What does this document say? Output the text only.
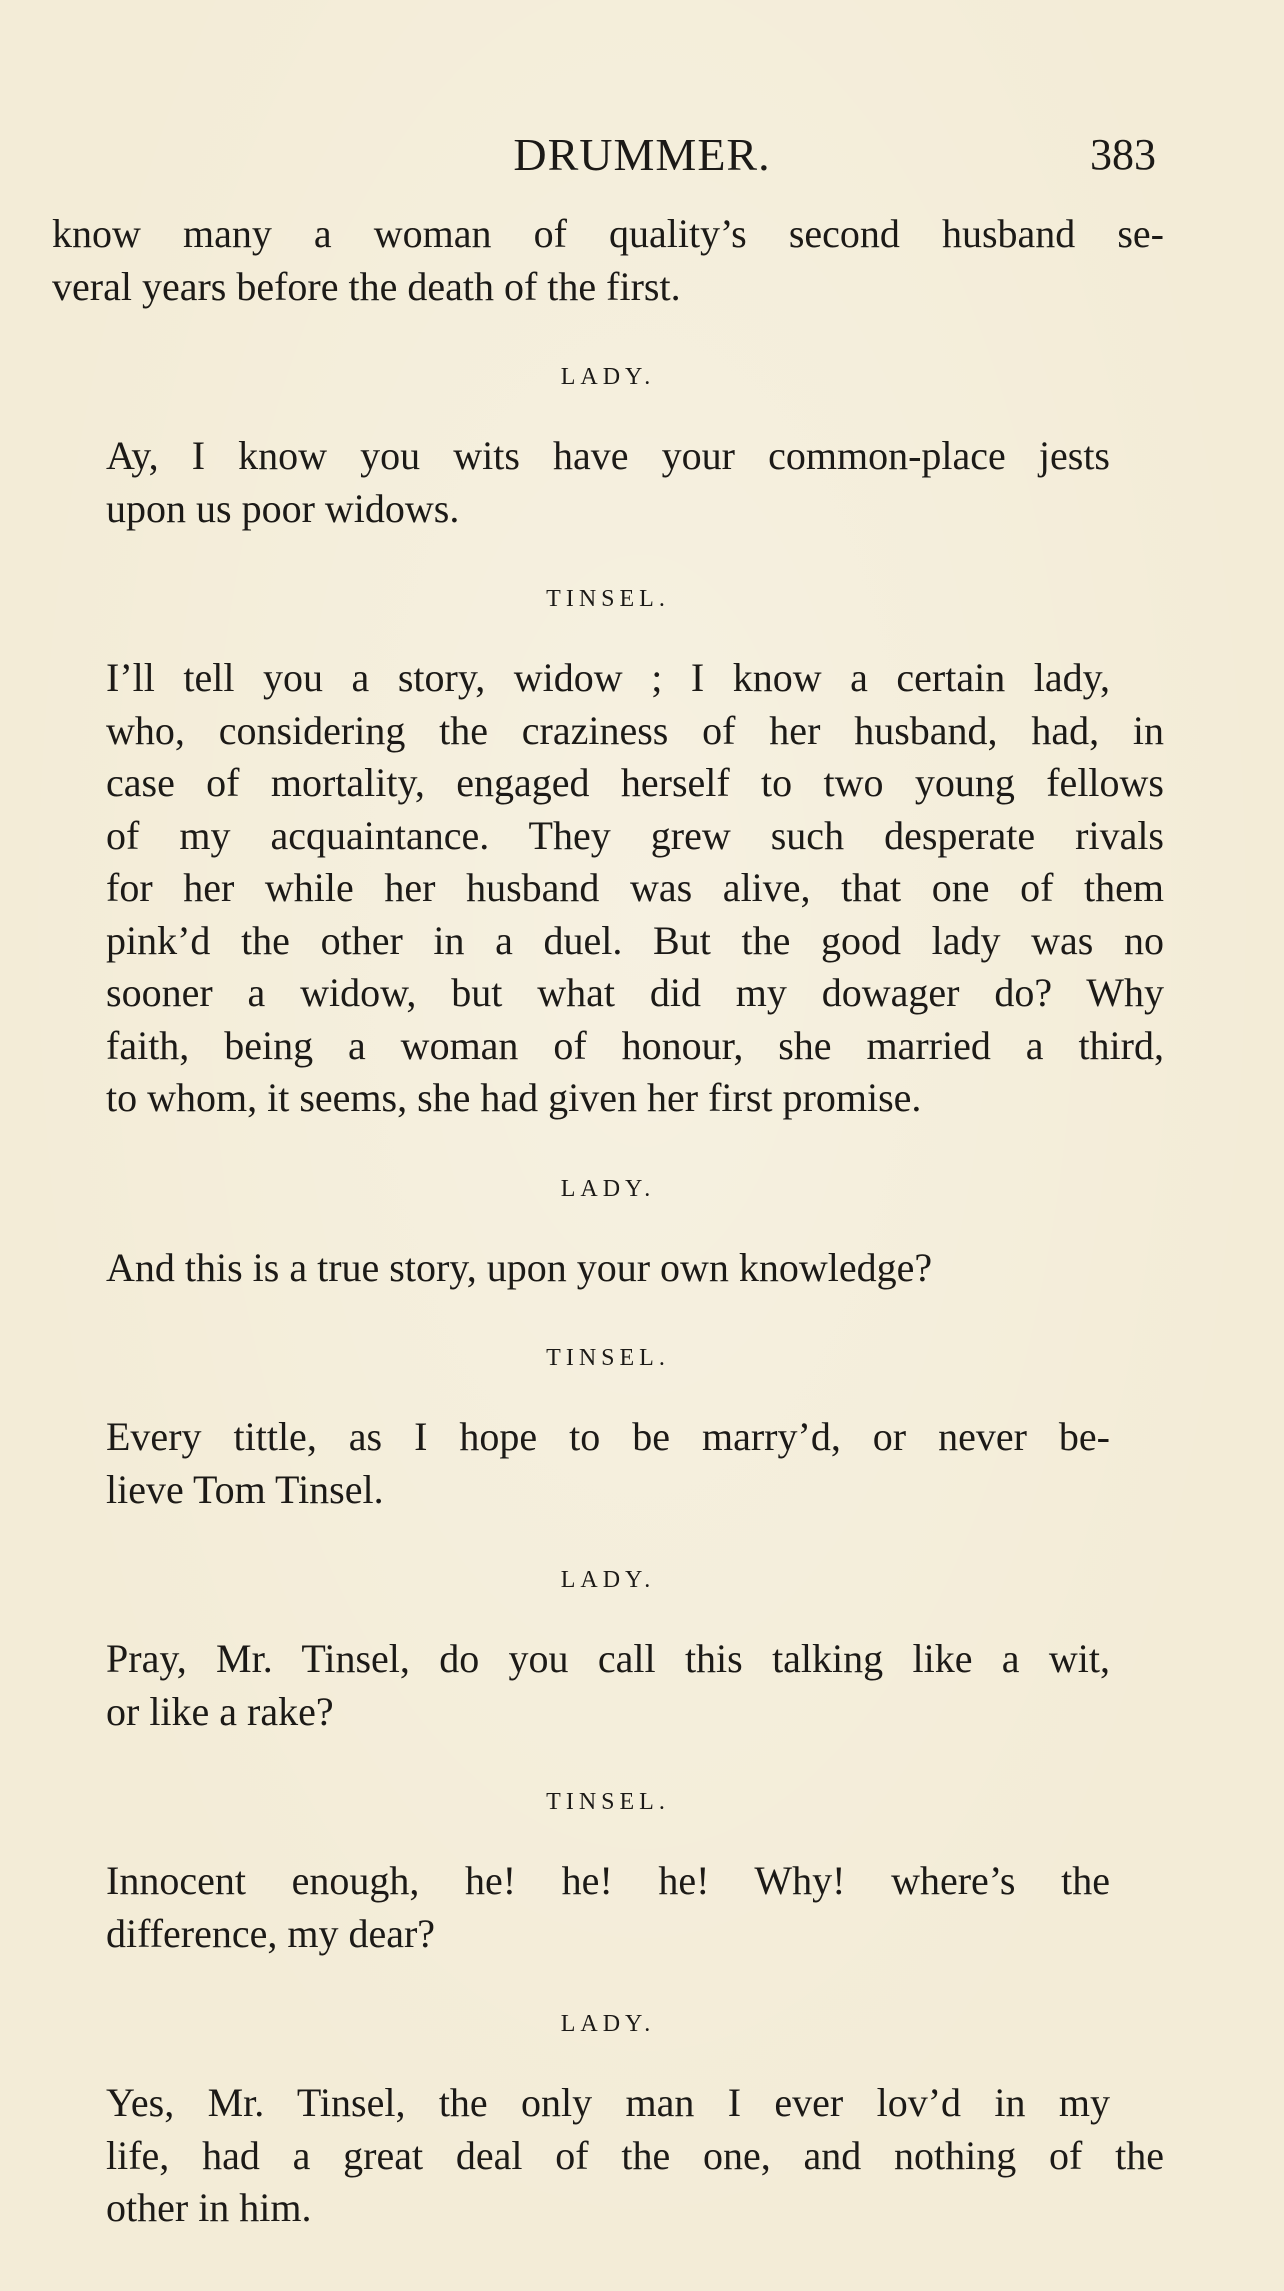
DRUMMER.	383

know many a woman of quality’s second husband se-
veral years before the death of the first.

LADY.

Ay, I know you wits have your common-place jests
upon us poor widows.

TINSEL.

I’ll tell you a story, widow ; I know a certain lady,
who, considering the craziness of her husband, had, in
case of mortality, engaged herself to two young fellows
of my acquaintance. They grew such desperate rivals
for her while her husband was alive, that one of them
pink’d the other in a duel. But the good lady was no
sooner a widow, but what did my dowager do? Why
faith, being a woman of honour, she married a third,
to whom, it seems, she had given her first promise.

LADY.

And this is a true story, upon your own knowledge?

TINSEL.

Every tittle, as I hope to be marry’d, or never be-
lieve Tom Tinsel.

LADY.

Pray, Mr. Tinsel, do you call this talking like a wit,
or like a rake?

TINSEL.

Innocent enough, he! he! he! Why! where’s the
difference, my dear?

LADY.

Yes, Mr. Tinsel, the only man I ever lov’d in my
life, had a great deal of the one, and nothing of the
other in him.
